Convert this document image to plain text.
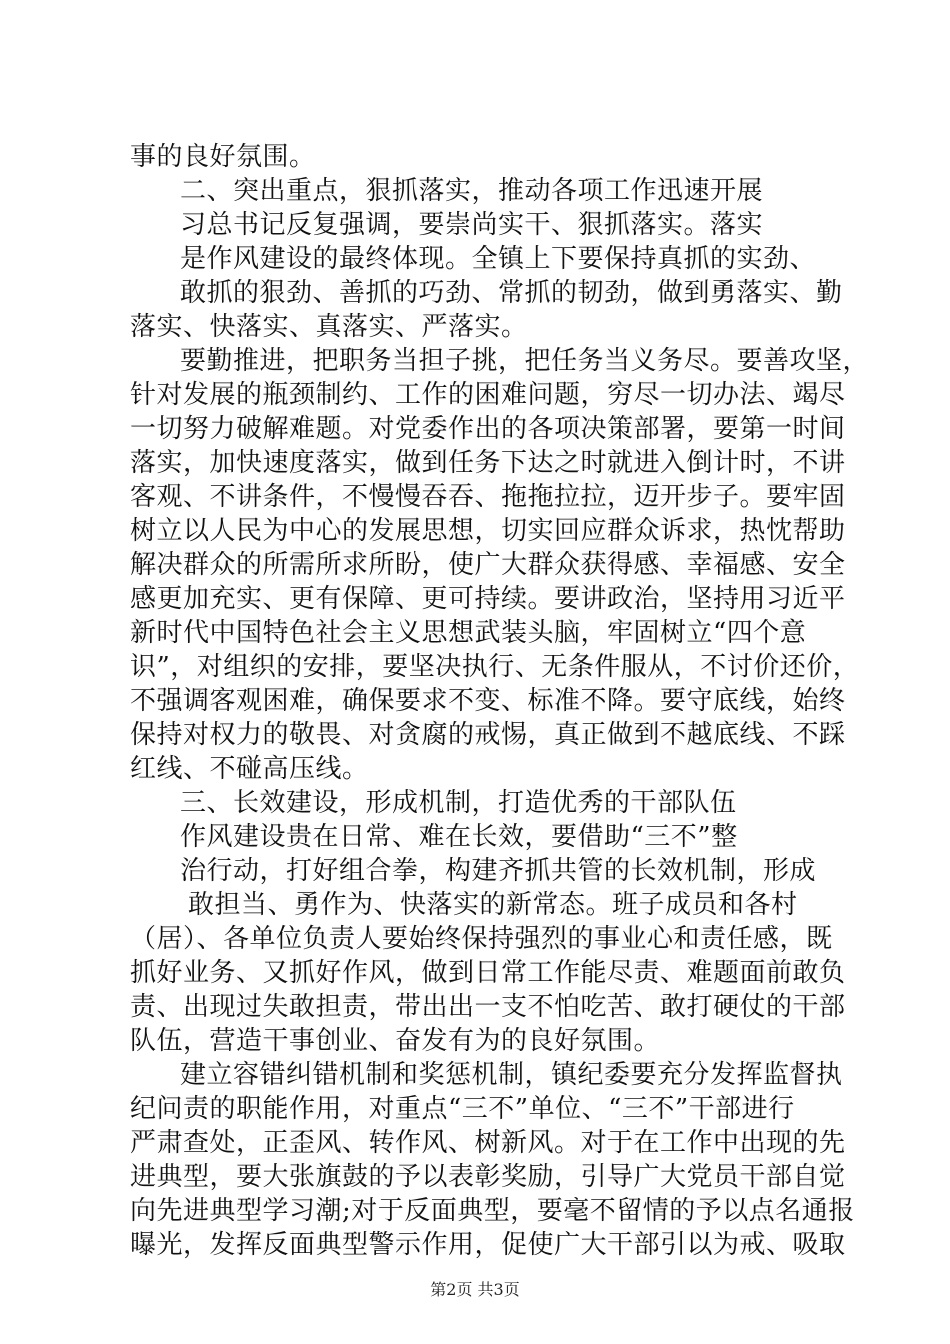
事的良好氛围。
二、突出重点，狠抓落实，推动各项工作迅速开展
习总书记反复强调，要崇尚实干、狠抓落实。落实
是作风建设的最终体现。全镇上下要保持真抓的实劲、
敢抓的狠劲、善抓的巧劲、常抓的韧劲，做到勇落实、勤
落实、快落实、真落实、严落实。
要勤推进，把职务当担子挑，把任务当义务尽。要善攻坚，
针对发展的瓶颈制约、工作的困难问题，穷尽一切办法、竭尽
一切努力破解难题。对党委作出的各项决策部署，要第一时间
落实，加快速度落实，做到任务下达之时就进入倒计时，不讲
客观、不讲条件，不慢慢吞吞、拖拖拉拉，迈开步子。要牢固
树立以人民为中心的发展思想，切实回应群众诉求，热忱帮助
解决群众的所需所求所盼，使广大群众获得感、幸福感、安全
感更加充实、更有保障、更可持续。要讲政治，坚持用习近平
新时代中国特色社会主义思想武装头脑，牢固树立“四个意
识”，对组织的安排，要坚决执行、无条件服从，不讨价还价，
不强调客观困难，确保要求不变、标准不降。要守底线，始终
保持对权力的敬畏、对贪腐的戒惕，真正做到不越底线、不踩
红线、不碰高压线。
三、长效建设，形成机制，打造优秀的干部队伍
作风建设贵在日常、难在长效，要借助“三不”整
治行动，打好组合拳，构建齐抓共管的长效机制，形成
敢担当、勇作为、快落实的新常态。班子成员和各村
（居）、各单位负责人要始终保持强烈的事业心和责任感，既
抓好业务、又抓好作风，做到日常工作能尽责、难题面前敢负
责、出现过失敢担责，带出出一支不怕吃苦、敢打硬仗的干部
队伍，营造干事创业、奋发有为的良好氛围。
建立容错纠错机制和奖惩机制，镇纪委要充分发挥监督执
纪问责的职能作用，对重点“三不”单位、“三不”干部进行
严肃查处，正歪风、转作风、树新风。对于在工作中出现的先
进典型，要大张旗鼓的予以表彰奖励，引导广大党员干部自觉
向先进典型学习潮;对于反面典型，要毫不留情的予以点名通报
曝光，发挥反面典型警示作用，促使广大干部引以为戒、吸取
第2页 共3页
